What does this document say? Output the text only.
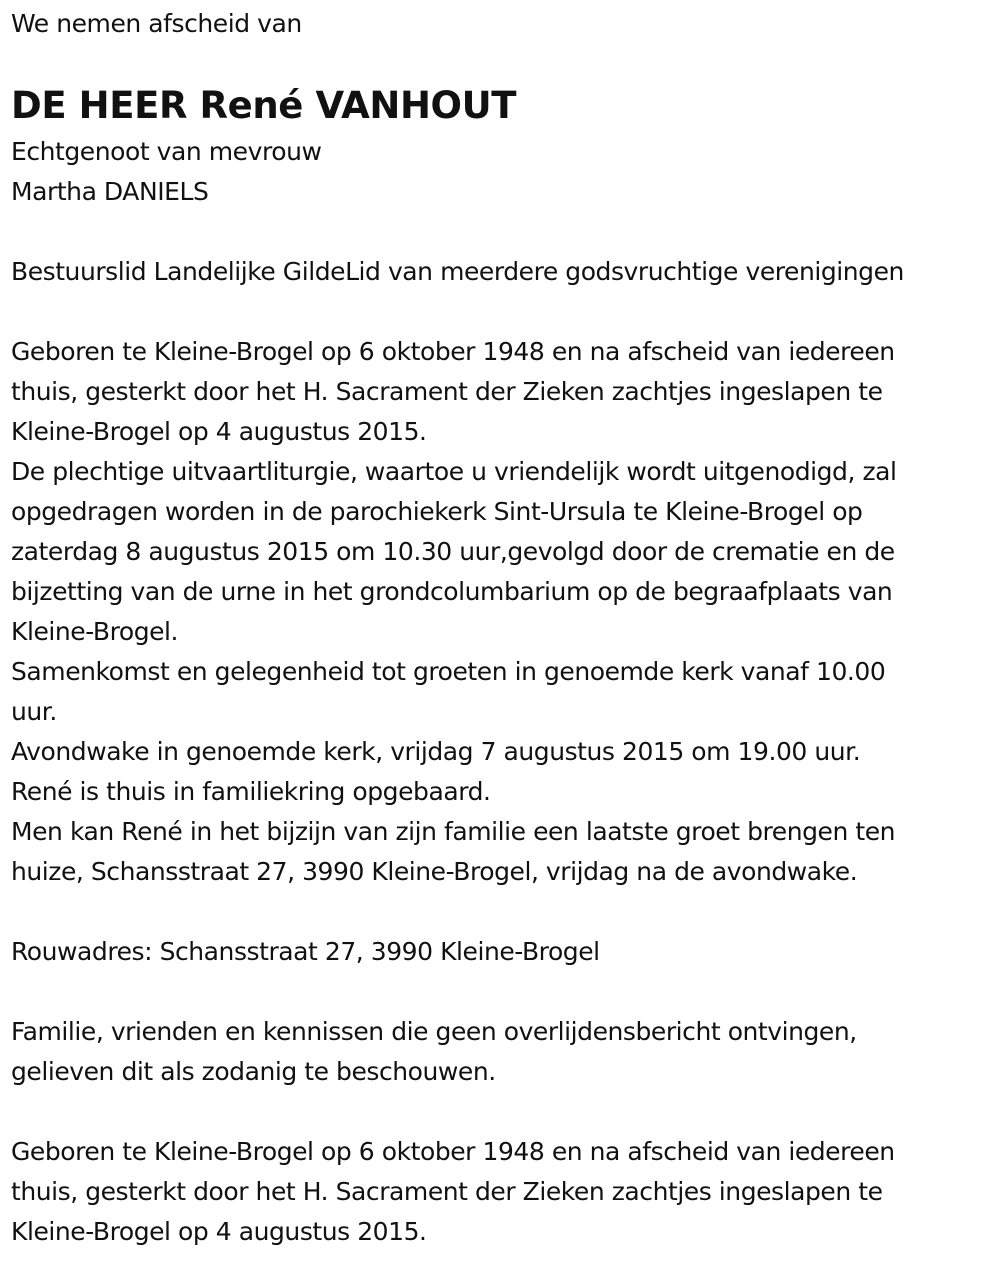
We nemen afscheid van
DE HEER René VANHOUT
Echtgenoot van mevrouw
Martha DANIELS
Bestuurslid Landelijke GildeLid van meerdere godsvruchtige verenigingen
Geboren te Kleine-Brogel op 6 oktober 1948 en na afscheid van iedereen
thuis, gesterkt door het H. Sacrament der Zieken zachtjes ingeslapen te
Kleine-Brogel op 4 augustus 2015.
De plechtige uitvaartliturgie, waartoe u vriendelijk wordt uitgenodigd, zal
opgedragen worden in de parochiekerk Sint-Ursula te Kleine-Brogel op
zaterdag 8 augustus 2015 om 10.30 uur,gevolgd door de crematie en de
bijzetting van de urne in het grondcolumbarium op de begraafplaats van
Kleine-Brogel.
Samenkomst en gelegenheid tot groeten in genoemde kerk vanaf 10.00
uur.
Avondwake in genoemde kerk, vrijdag 7 augustus 2015 om 19.00 uur.
René is thuis in familiekring opgebaard.
Men kan René in het bijzijn van zijn familie een laatste groet brengen ten
huize, Schansstraat 27, 3990 Kleine-Brogel, vrijdag na de avondwake.
Rouwadres: Schansstraat 27, 3990 Kleine-Brogel
Familie, vrienden en kennissen die geen overlijdensbericht ontvingen,
gelieven dit als zodanig te beschouwen.
Geboren te Kleine-Brogel op 6 oktober 1948 en na afscheid van iedereen
thuis, gesterkt door het H. Sacrament der Zieken zachtjes ingeslapen te
Kleine-Brogel op 4 augustus 2015.
